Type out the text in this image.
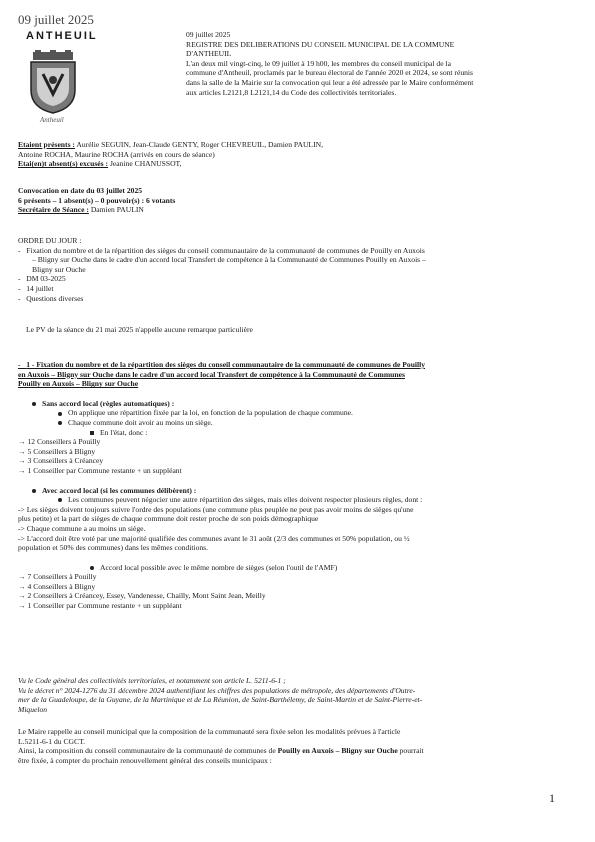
09 juillet 2025
ANTHEUIL
Antheuil
09 juillet 2025
REGISTRE DES DELIBERATIONS DU CONSEIL MUNICIPAL DE LA COMMUNE
D'ANTHEUIL
L'an deux mil vingt-cinq, le 09 juillet à 19 h00, les membres du conseil municipal de la
commune d'Antheuil, proclamés par le bureau électoral de l'année 2020 et 2024, se sont réunis
dans la salle de la Mairie sur la convocation qui leur a été adressée par le Maire conformément
aux articles L2121,8 L2121,14 du Code des collectivités territoriales.
Etaient présents : Aurélie SEGUIN, Jean-Claude GENTY, Roger CHEVREUIL, Damien PAULIN,
Antoine ROCHA, Maurine ROCHA (arrivés en cours de séance)
Etai(en)t absent(s) excusés : Jeanine CHANUSSOT,
Convocation en date du 03 juillet 2025
6 présents – 1 absent(s) – 0 pouvoir(s) : 6 votants
Secrétaire de Séance : Damien PAULIN
ORDRE DU JOUR :
-   Fixation du nombre et de la répartition des sièges du conseil communautaire de la communauté de communes de Pouilly en Auxois
– Bligny sur Ouche dans le cadre d'un accord local Transfert de compétence à la Communauté de Communes Pouilly en Auxois –
Bligny sur Ouche
-   DM 03-2025
-   14 juillet
-   Questions diverses
Le PV de la séance du 21 mai 2025 n'appelle aucune remarque particulière
-   1 - Fixation du nombre et de la répartition des sièges du conseil communautaire de la communauté de communes de Pouilly
en Auxois – Bligny sur Ouche dans le cadre d'un accord local Transfert de compétence à la Communauté de Communes
Pouilly en Auxois – Bligny sur Ouche
Sans accord local (règles automatiques) :
On applique une répartition fixée par la loi, en fonction de la population de chaque commune.
Chaque commune doit avoir au moins un siège.
En l'état, donc :
→ 12 Conseillers à Pouilly
→ 5 Conseillers à Bligny
→ 3 Conseillers à Créancey
→ 1 Conseiller par Commune restante + un suppléant
Avec accord local (si les communes délibèrent) :
Les communes peuvent négocier une autre répartition des sièges, mais elles doivent respecter plusieurs règles, dont :
-> Les sièges doivent toujours suivre l'ordre des populations (une commune plus peuplée ne peut pas avoir moins de sièges qu'une
plus petite) et la part de sièges de chaque commune doit rester proche de son poids démographique
-> Chaque commune a au moins un siège.
-> L'accord doit être voté par une majorité qualifiée des communes avant le 31 août (2/3 des communes et 50% population, ou ½
population et 50% des communes) dans les mêmes conditions.
Accord local possible avec le même nombre de sièges (selon l'outil de l'AMF)
→ 7 Conseillers à Pouilly
→ 4 Conseillers à Bligny
→ 2 Conseillers à Créancey, Essey, Vandenesse, Chailly, Mont Saint Jean, Meilly
→ 1 Conseiller par Commune restante + un suppléant
Vu le Code général des collectivités territoriales, et notamment son article L. 5211-6-1 ;
Vu le décret n° 2024-1276 du 31 décembre 2024 authentifiant les chiffres des populations de métropole, des départements d'Outre-
mer de la Guadeloupe, de la Guyane, de la Martinique et de La Réunion, de Saint-Barthélemy, de Saint-Martin et de Saint-Pierre-et-
Miquelon
Le Maire rappelle au conseil municipal que la composition de la communauté sera fixée selon les modalités prévues à l'article
L.5211-6-1 du CGCT.
Ainsi, la composition du conseil communautaire de la communauté de communes de Pouilly en Auxois – Bligny sur Ouche pourrait
être fixée, à compter du prochain renouvellement général des conseils municipaux :
1
